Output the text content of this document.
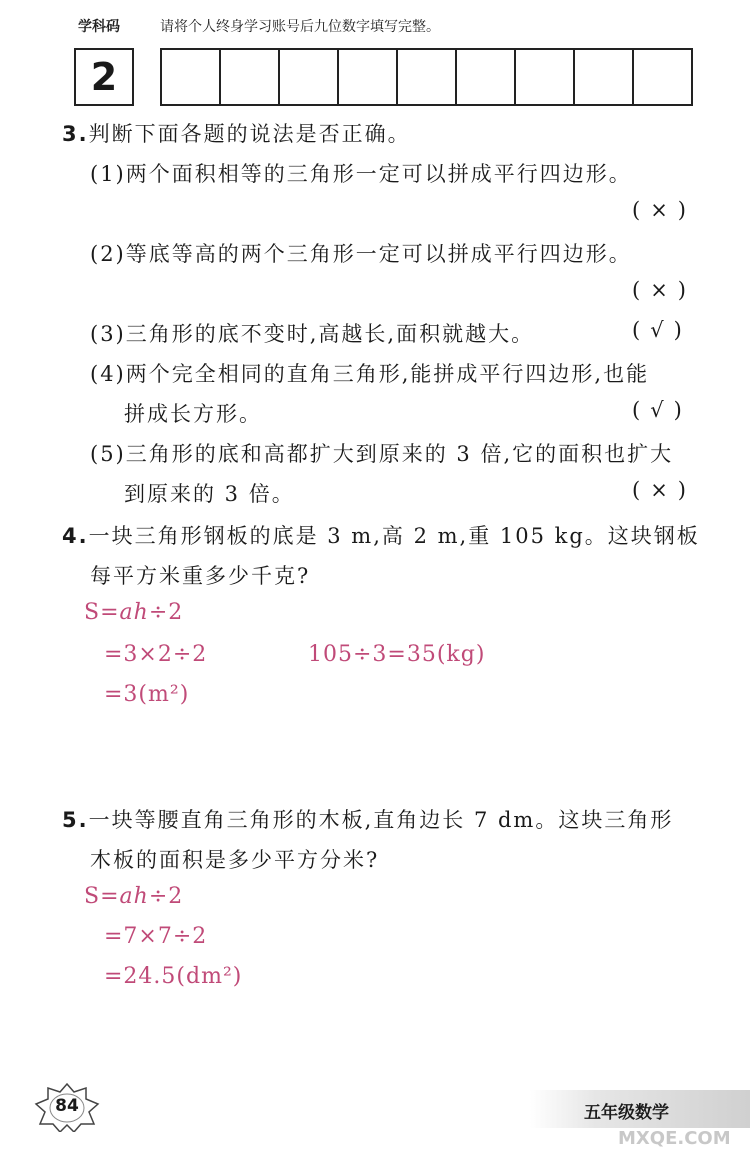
学科码	请将个人终身学习账号后九位数字填写完整。
2
3.判断下面各题的说法是否正确。
(1)两个面积相等的三角形一定可以拼成平行四边形。
(×)
(2)等底等高的两个三角形一定可以拼成平行四边形。
(×)
(3)三角形的底不变时,高越长,面积就越大。	(√)
(4)两个完全相同的直角三角形,能拼成平行四边形,也能
拼成长方形。	(√)
(5)三角形的底和高都扩大到原来的 3 倍,它的面积也扩大
到原来的 3 倍。	(×)
4.一块三角形钢板的底是 3 m,高 2 m,重 105 kg。这块钢板
每平方米重多少千克?
S=ah÷2
=3×2÷2	105÷3=35(kg)
=3(m²)
5.一块等腰直角三角形的木板,直角边长 7 dm。这块三角形
木板的面积是多少平方分米?
S=ah÷2
=7×7÷2
=24.5(dm²)
84	五年级数学
MXQE.COM
